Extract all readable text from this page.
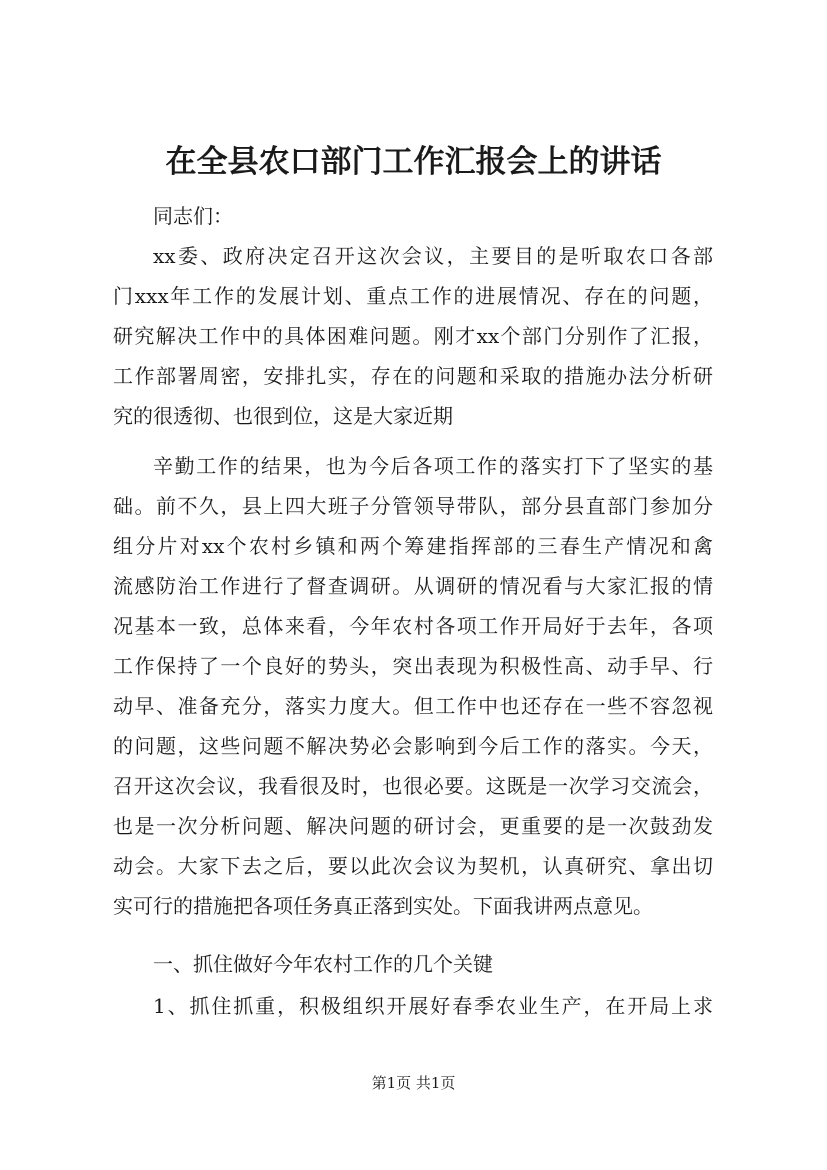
在全县农口部门工作汇报会上的讲话
同志们：
xx委、政府决定召开这次会议，主要目的是听取农口各部
门xxx年工作的发展计划、重点工作的进展情况、存在的问题，
研究解决工作中的具体困难问题。刚才xx个部门分别作了汇报，
工作部署周密，安排扎实，存在的问题和采取的措施办法分析研
究的很透彻、也很到位，这是大家近期
辛勤工作的结果，也为今后各项工作的落实打下了坚实的基
础。前不久，县上四大班子分管领导带队，部分县直部门参加分
组分片对xx个农村乡镇和两个筹建指挥部的三春生产情况和禽
流感防治工作进行了督查调研。从调研的情况看与大家汇报的情
况基本一致，总体来看，今年农村各项工作开局好于去年，各项
工作保持了一个良好的势头，突出表现为积极性高、动手早、行
动早、准备充分，落实力度大。但工作中也还存在一些不容忽视
的问题，这些问题不解决势必会影响到今后工作的落实。今天，
召开这次会议，我看很及时，也很必要。这既是一次学习交流会，
也是一次分析问题、解决问题的研讨会，更重要的是一次鼓劲发
动会。大家下去之后，要以此次会议为契机，认真研究、拿出切
实可行的措施把各项任务真正落到实处。下面我讲两点意见。
一、抓住做好今年农村工作的几个关键
1、抓住抓重，积极组织开展好春季农业生产，在开局上求
第1页 共1页
